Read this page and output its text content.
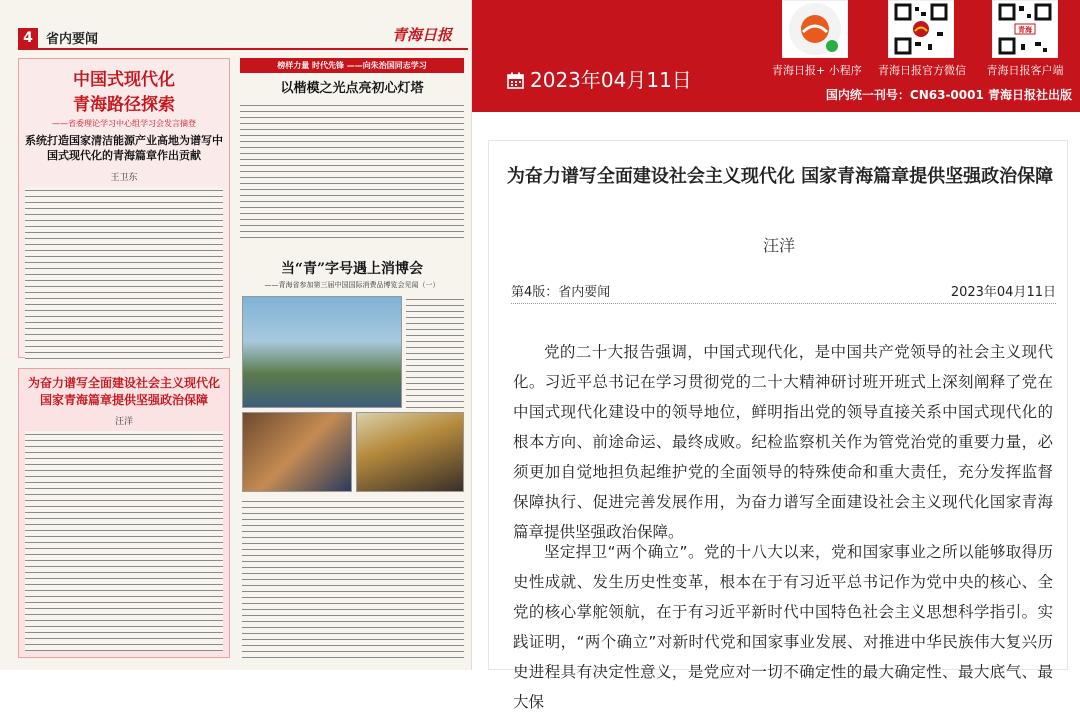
2023年04月11日	青海日报+ 小程序 青海日报官方微信
青海
青海日报客户端
国内统一刊号：CN63-0001 青海日报社出版
4	省内要闻	青海日报
中国式现代化
青海路径探索
——省委理论学习中心组学习会发言摘登
系统打造国家清洁能源产业高地为谱写中国式现代化的青海篇章作出贡献
王卫东
为奋力谱写全面建设社会主义现代化国家青海篇章提供坚强政治保障
汪洋
榜样力量 时代先锋 ——向朱治国同志学习
以楷模之光点亮初心灯塔
当“青”字号遇上消博会
——青海省参加第三届中国国际消费品博览会见闻（一）
为奋力谱写全面建设社会主义现代化 国家青海篇章提供坚强政治保障
汪洋
第4版：省内要闻	2023年04月11日
党的二十大报告强调，中国式现代化，是中国共产党领导的社会主义现代化。习近平总书记在学习贯彻党的二十大精神研讨班开班式上深刻阐释了党在中国式现代化建设中的领导地位，鲜明指出党的领导直接关系中国式现代化的根本方向、前途命运、最终成败。纪检监察机关作为管党治党的重要力量，必须更加自觉地担负起维护党的全面领导的特殊使命和重大责任，充分发挥监督保障执行、促进完善发展作用，为奋力谱写全面建设社会主义现代化国家青海篇章提供坚强政治保障。
坚定捍卫“两个确立”。党的十八大以来，党和国家事业之所以能够取得历史性成就、发生历史性变革，根本在于有习近平总书记作为党中央的核心、全党的核心掌舵领航，在于有习近平新时代中国特色社会主义思想科学指引。实践证明，“两个确立”对新时代党和国家事业发展、对推进中华民族伟大复兴历史进程具有决定性意义，是党应对一切不确定性的最大确定性、最大底气、最大保
